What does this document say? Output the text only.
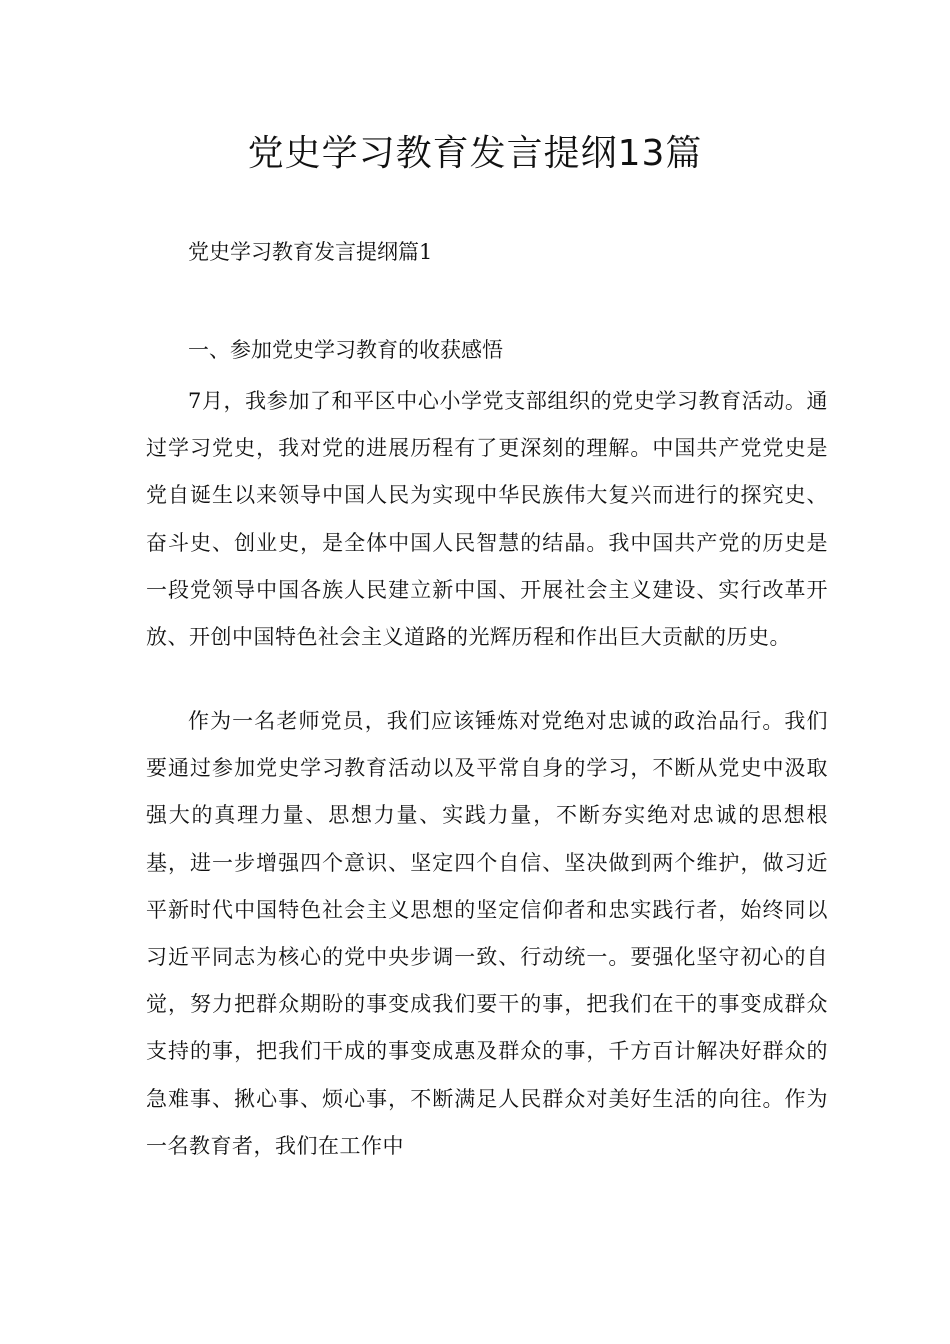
党史学习教育发言提纲13篇
党史学习教育发言提纲篇1
一、参加党史学习教育的收获感悟

7月，我参加了和平区中心小学党支部组织的党史学习教育活动。通过学习党史，我对党的进展历程有了更深刻的理解。中国共产党党史是党自诞生以来领导中国人民为实现中华民族伟大复兴而进行的探究史、奋斗史、创业史，是全体中国人民智慧的结晶。我中国共产党的历史是一段党领导中国各族人民建立新中国、开展社会主义建设、实行改革开放、开创中国特色社会主义道路的光辉历程和作出巨大贡献的历史。

作为一名老师党员，我们应该锤炼对党绝对忠诚的政治品行。我们要通过参加党史学习教育活动以及平常自身的学习，不断从党史中汲取强大的真理力量、思想力量、实践力量，不断夯实绝对忠诚的思想根基，进一步增强四个意识、坚定四个自信、坚决做到两个维护，做习近平新时代中国特色社会主义思想的坚定信仰者和忠实践行者，始终同以习近平同志为核心的党中央步调一致、行动统一。要强化坚守初心的自觉，努力把群众期盼的事变成我们要干的事，把我们在干的事变成群众支持的事，把我们干成的事变成惠及群众的事，千方百计解决好群众的急难事、揪心事、烦心事，不断满足人民群众对美好生活的向往。作为一名教育者，我们在工作中
